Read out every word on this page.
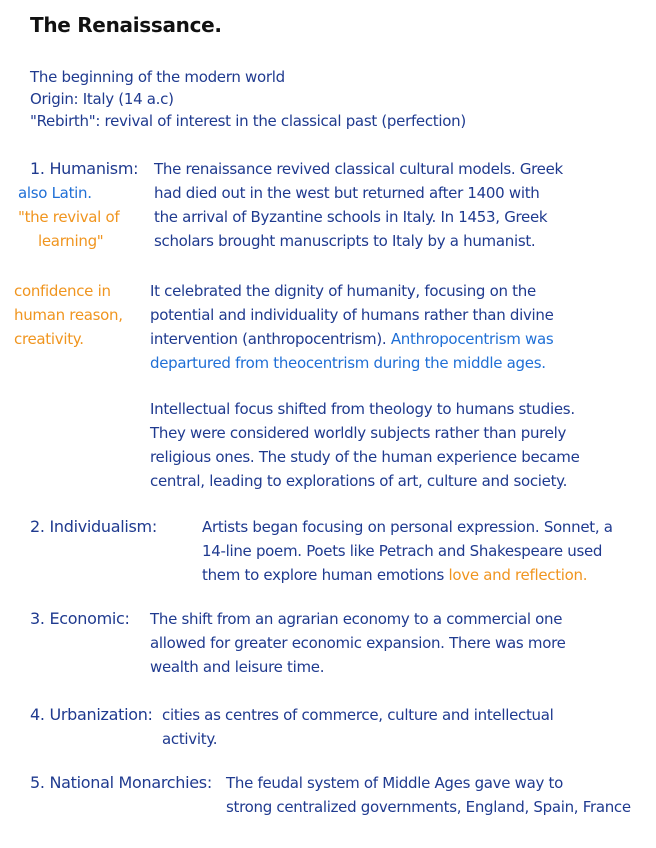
The Renaissance.
The beginning of the modern world
Origin: Italy (14 a.c)
"Rebirth": revival of interest in the classical past (perfection)
1. Humanism:
also Latin.
"the revival of
learning"
The renaissance revived classical cultural models. Greek
had died out in the west but returned after 1400 with
the arrival of Byzantine schools in Italy. In 1453, Greek
scholars brought manuscripts to Italy by a humanist.
confidence in
human reason,
creativity.
It celebrated the dignity of humanity, focusing on the
potential and individuality of humans rather than divine
intervention (anthropocentrism). Anthropocentrism was
departured from theocentrism during the middle ages.
Intellectual focus shifted from theology to humans studies.
They were considered worldly subjects rather than purely
religious ones. The study of the human experience became
central, leading to explorations of art, culture and society.
2. Individualism:	Artists began focusing on personal expression. Sonnet, a
14-line poem. Poets like Petrach and Shakespeare used
them to explore human emotions love and reflection.
3. Economic: The shift from an agrarian economy to a commercial one
allowed for greater economic expansion. There was more
wealth and leisure time.
4. Urbanization: cities as centres of commerce, culture and intellectual
activity.
5. National Monarchies: The feudal system of Middle Ages gave way to
strong centralized governments, England, Spain, France
